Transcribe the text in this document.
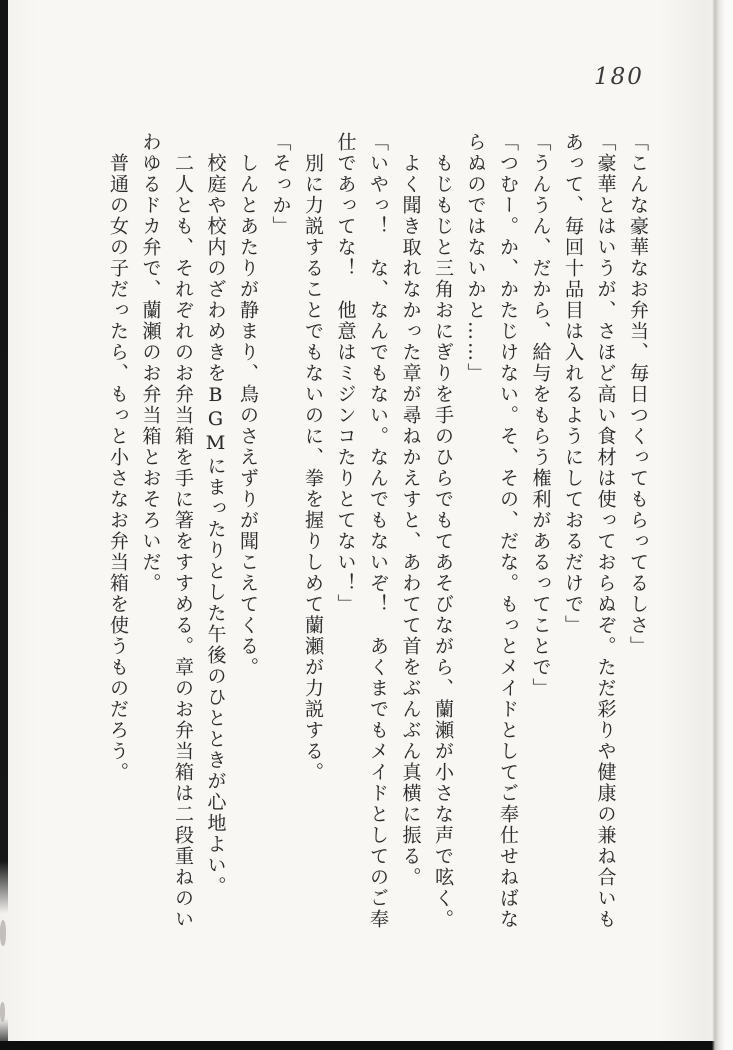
180

「こんな豪華なお弁当、毎日つくってもらってるしさ」

「豪華とはいうが、さほど高い食材は使っておらぬぞ。ただ彩りや健康の兼ね合いもあって、毎回十品目は入れるようにしておるだけで」

「うんうん、だから、給与をもらう権利があるってことで」

「つむー。か、かたじけない。そ、その、だな。もっとメイドとしてご奉仕せねばならぬのではないかと……」

もじもじと三角おにぎりを手のひらでもてあそびながら、蘭瀬が小さな声で呟く。

よく聞き取れなかった章が尋ねかえすと、あわてて首をぶんぶん真横に振る。

「いやっ！　な、なんでもない。なんでもないぞ！　あくまでもメイドとしてのご奉仕であってな！　他意はミジンコたりとてない！」

別に力説することでもないのに、拳を握りしめて蘭瀬が力説する。

「そっか」

しんとあたりが静まり、鳥のさえずりが聞こえてくる。

校庭や校内のざわめきをBGMにまったりとした午後のひとときが心地よい。

二人とも、それぞれのお弁当箱を手に箸をすすめる。章のお弁当箱は二段重ねのいわゆるドカ弁で、蘭瀬のお弁当箱とおそろいだ。

普通の女の子だったら、もっと小さなお弁当箱を使うものだろう。
